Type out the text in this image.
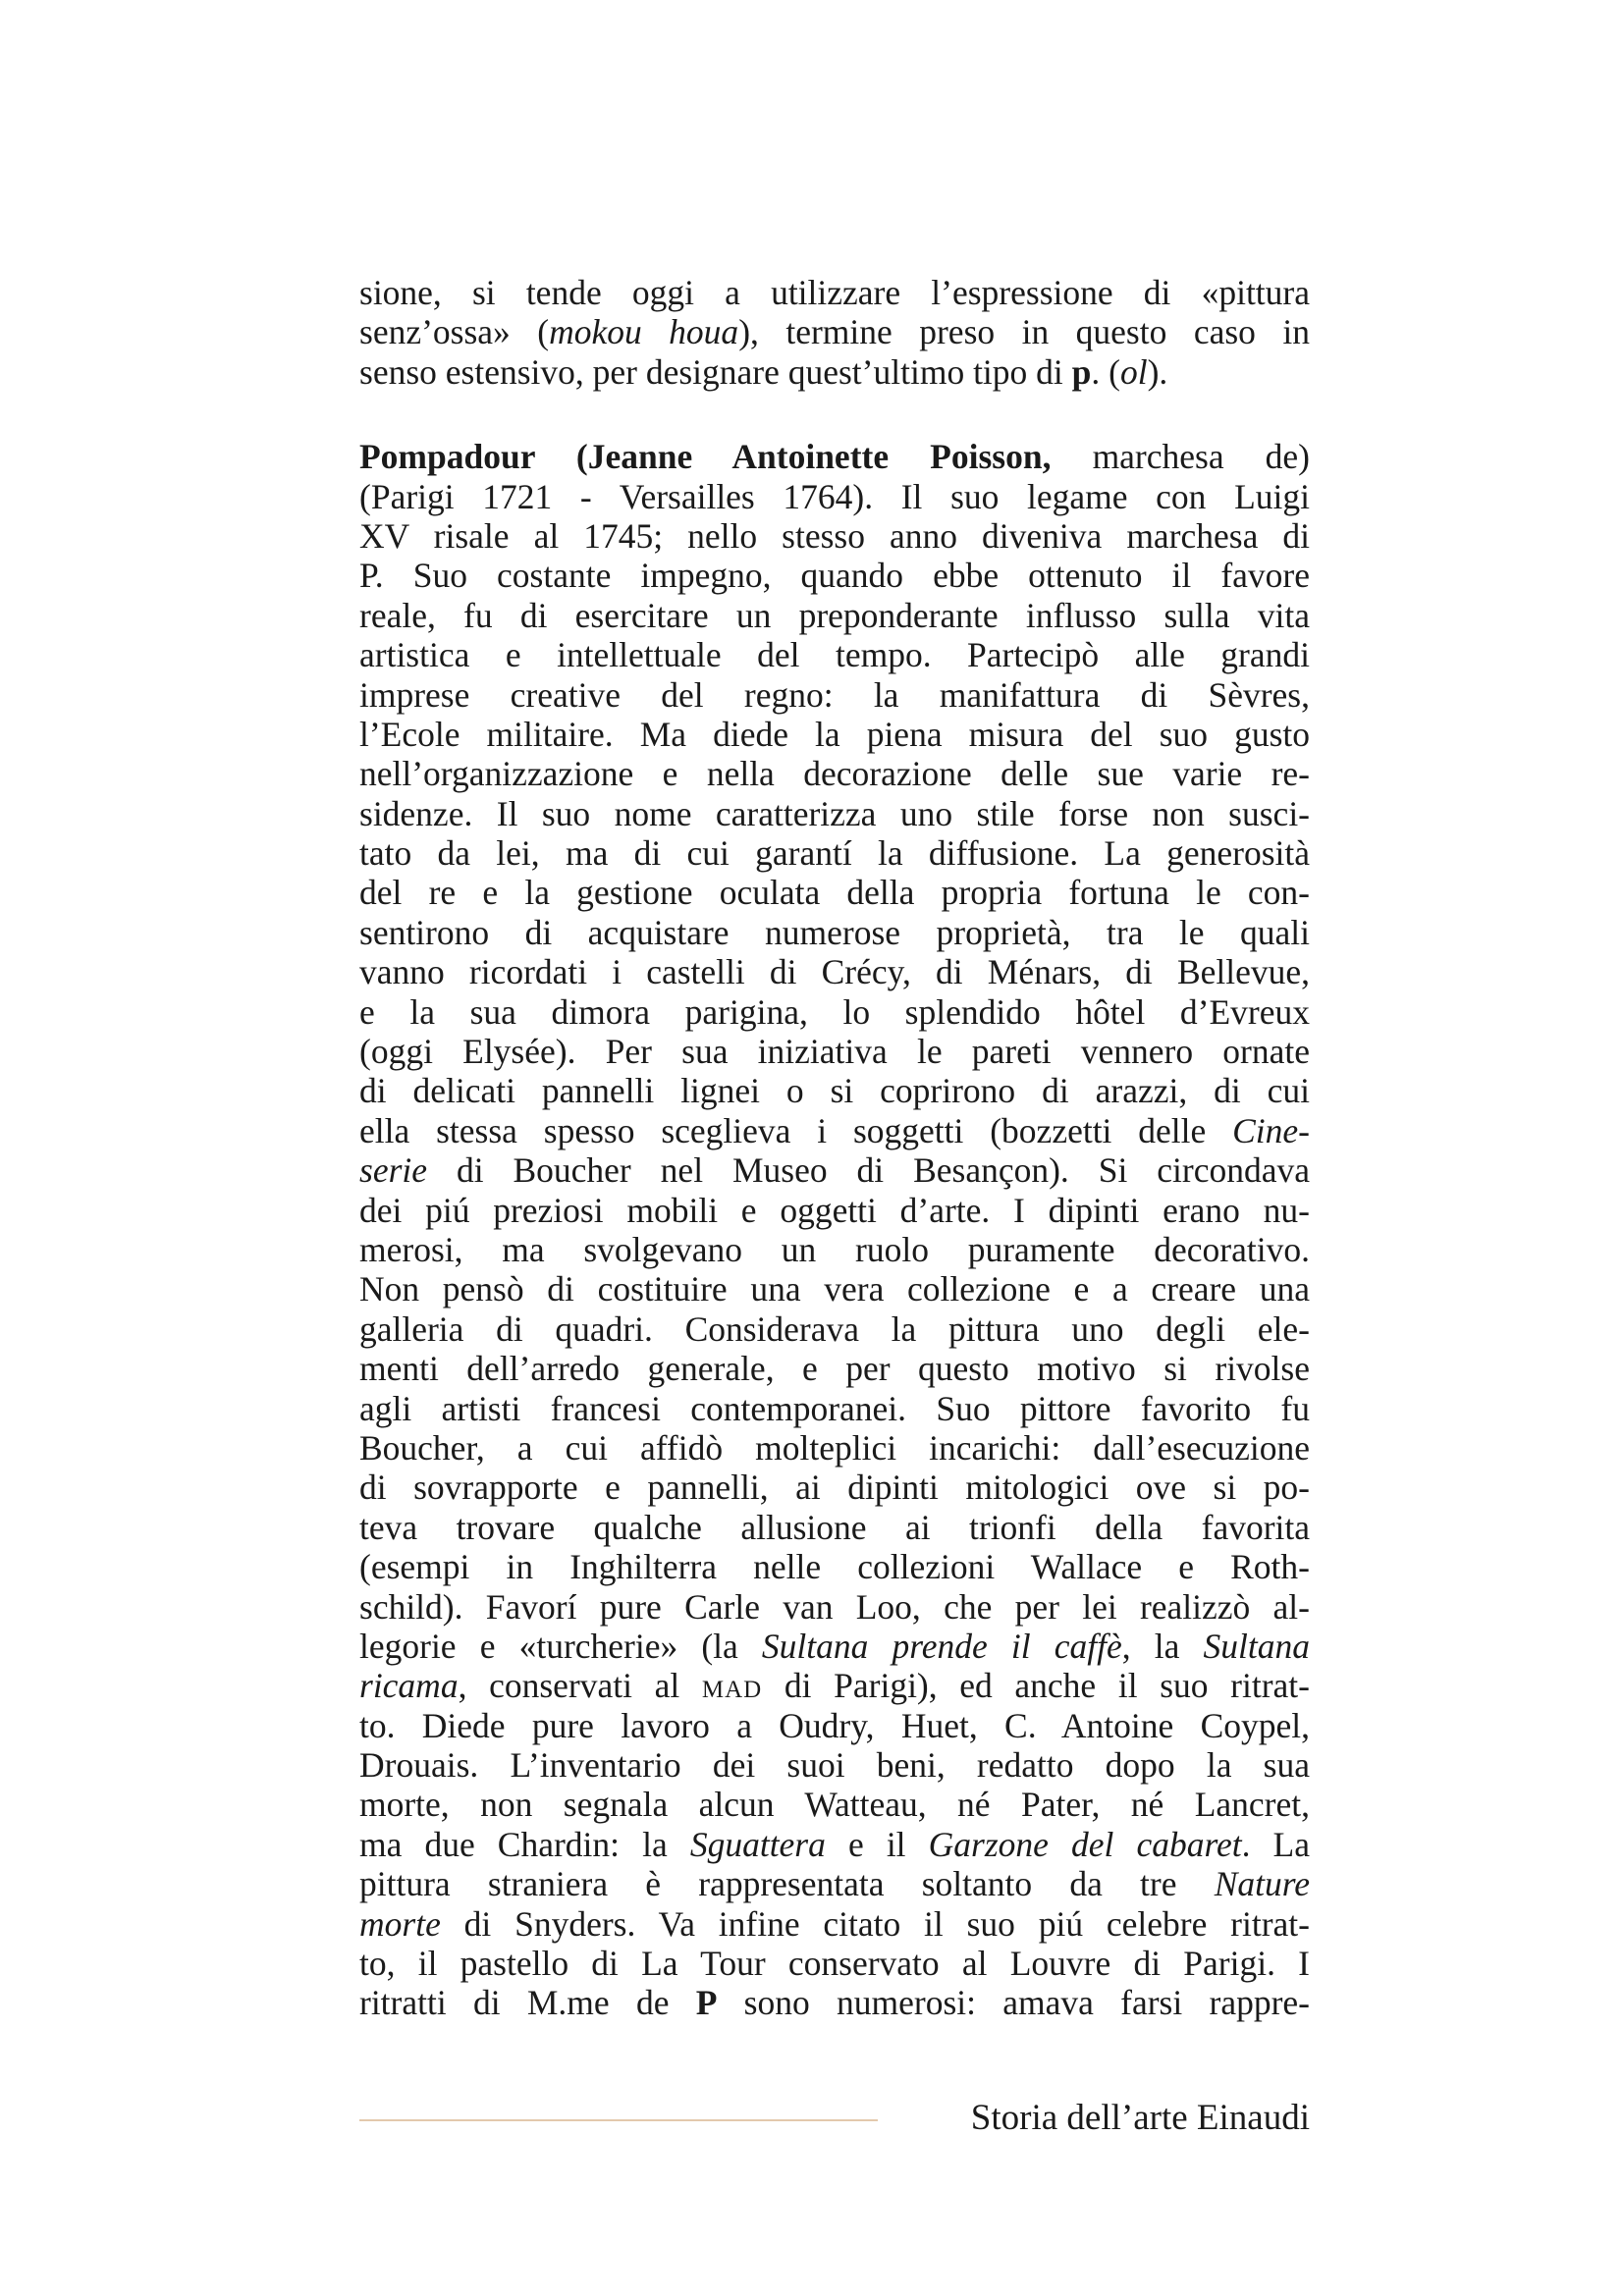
sione, si tende oggi a utilizzare l’espressione di «pittura
senz’ossa» (mokou houa), termine preso in questo caso in
senso estensivo, per designare quest’ultimo tipo di p. (ol).
Pompadour (Jeanne Antoinette Poisson, marchesa de)
(Parigi 1721 - Versailles 1764). Il suo legame con Luigi
XV risale al 1745; nello stesso anno diveniva marchesa di
P. Suo costante impegno, quando ebbe ottenuto il favore
reale, fu di esercitare un preponderante influsso sulla vita
artistica e intellettuale del tempo. Partecipò alle grandi
imprese creative del regno: la manifattura di Sèvres,
l’Ecole militaire. Ma diede la piena misura del suo gusto
nell’organizzazione e nella decorazione delle sue varie re-
sidenze. Il suo nome caratterizza uno stile forse non susci-
tato da lei, ma di cui garantí la diffusione. La generosità
del re e la gestione oculata della propria fortuna le con-
sentirono di acquistare numerose proprietà, tra le quali
vanno ricordati i castelli di Crécy, di Ménars, di Bellevue,
e la sua dimora parigina, lo splendido hôtel d’Evreux
(oggi Elysée). Per sua iniziativa le pareti vennero ornate
di delicati pannelli lignei o si coprirono di arazzi, di cui
ella stessa spesso sceglieva i soggetti (bozzetti delle Cine-
serie di Boucher nel Museo di Besançon). Si circondava
dei piú preziosi mobili e oggetti d’arte. I dipinti erano nu-
merosi, ma svolgevano un ruolo puramente decorativo.
Non pensò di costituire una vera collezione e a creare una
galleria di quadri. Considerava la pittura uno degli ele-
menti dell’arredo generale, e per questo motivo si rivolse
agli artisti francesi contemporanei. Suo pittore favorito fu
Boucher, a cui affidò molteplici incarichi: dall’esecuzione
di sovrapporte e pannelli, ai dipinti mitologici ove si po-
teva trovare qualche allusione ai trionfi della favorita
(esempi in Inghilterra nelle collezioni Wallace e Roth-
schild). Favorí pure Carle van Loo, che per lei realizzò al-
legorie e «turcherie» (la Sultana prende il caffè, la Sultana
ricama, conservati al mad di Parigi), ed anche il suo ritrat-
to. Diede pure lavoro a Oudry, Huet, C. Antoine Coypel,
Drouais. L’inventario dei suoi beni, redatto dopo la sua
morte, non segnala alcun Watteau, né Pater, né Lancret,
ma due Chardin: la Sguattera e il Garzone del cabaret. La
pittura straniera è rappresentata soltanto da tre Nature
morte di Snyders. Va infine citato il suo piú celebre ritrat-
to, il pastello di La Tour conservato al Louvre di Parigi. I
ritratti di M.me de P sono numerosi: amava farsi rappre-
Storia dell’arte Einaudi
